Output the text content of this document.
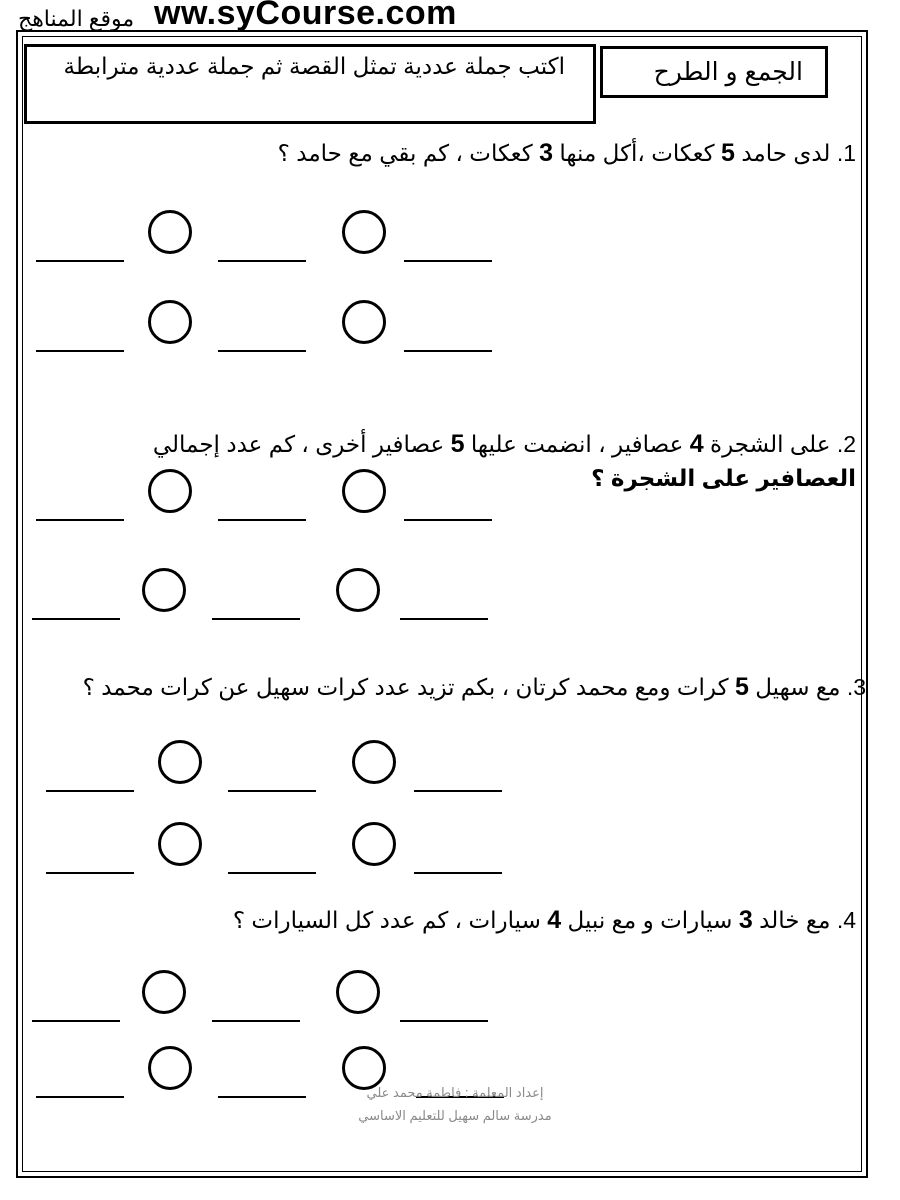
موقع المناهج ww.syCourse.com
اكتب جملة عددية تمثل القصة ثم جملة عددية مترابطة	الجمع و الطرح
1. لدى حامد 5 كعكات ،أكل منها 3 كعكات ، كم بقي مع حامد ؟
2. على الشجرة 4 عصافير ، انضمت عليها 5 عصافير أخرى ، كم عدد إجمالي
العصافير على الشجرة ؟
3. مع سهيل 5 كرات ومع محمد كرتان ، بكم تزيد عدد كرات سهيل عن كرات محمد ؟
4. مع خالد 3 سيارات و مع نبيل 4 سيارات ، كم عدد كل السيارات ؟
إعداد المعلمة : فاطمة محمد علي
مدرسة سالم سهيل للتعليم الاساسي
